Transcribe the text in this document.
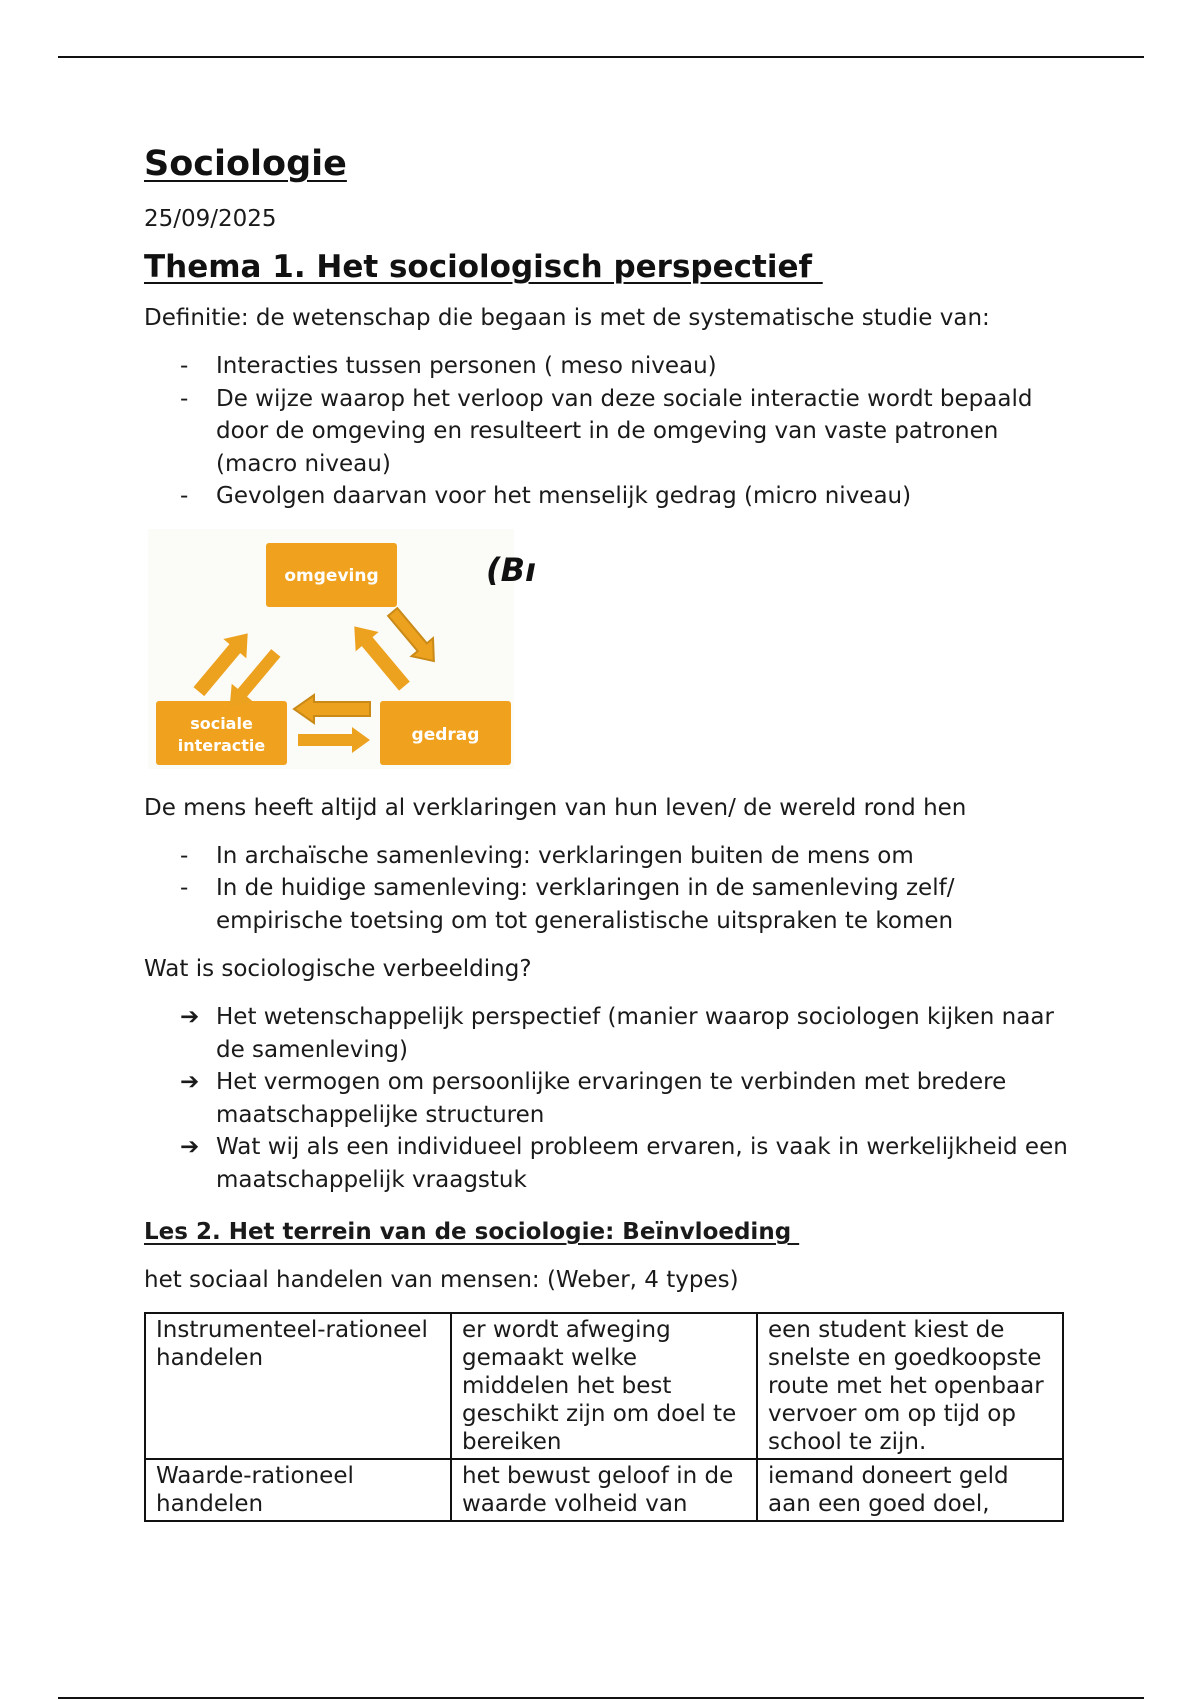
Sociologie

25/09/2025

Thema 1. Het sociologisch perspectief

Definitie: de wetenschap die begaan is met de systematische studie van:

- Interacties tussen personen ( meso niveau)
- De wijze waarop het verloop van deze sociale interactie wordt bepaald door de omgeving en resulteert in de omgeving van vaste patronen (macro niveau)
- Gevolgen daarvan voor het menselijk gedrag (micro niveau)
omgeving
sociale
interactie
gedrag
(Bı

De mens heeft altijd al verklaringen van hun leven/ de wereld rond hen

- In archaïsche samenleving: verklaringen buiten de mens om
- In de huidige samenleving: verklaringen in de samenleving zelf/ empirische toetsing om tot generalistische uitspraken te komen

Wat is sociologische verbeelding?

➔ Het wetenschappelijk perspectief (manier waarop sociologen kijken naar de samenleving)
➔ Het vermogen om persoonlijke ervaringen te verbinden met bredere maatschappelijke structuren
➔ Wat wij als een individueel probleem ervaren, is vaak in werkelijkheid een maatschappelijk vraagstuk
Les 2. Het terrein van de sociologie: Beïnvloeding

het sociaal handelen van mensen: (Weber, 4 types)

Instrumenteel-rationeel handelen	er wordt afweging gemaakt welke middelen het best geschikt zijn om doel te bereiken	een student kiest de snelste en goedkoopste route met het openbaar vervoer om op tijd op school te zijn.

Waarde-rationeel handelen	het bewust geloof in de waarde volheid van	iemand doneert geld aan een goed doel,
